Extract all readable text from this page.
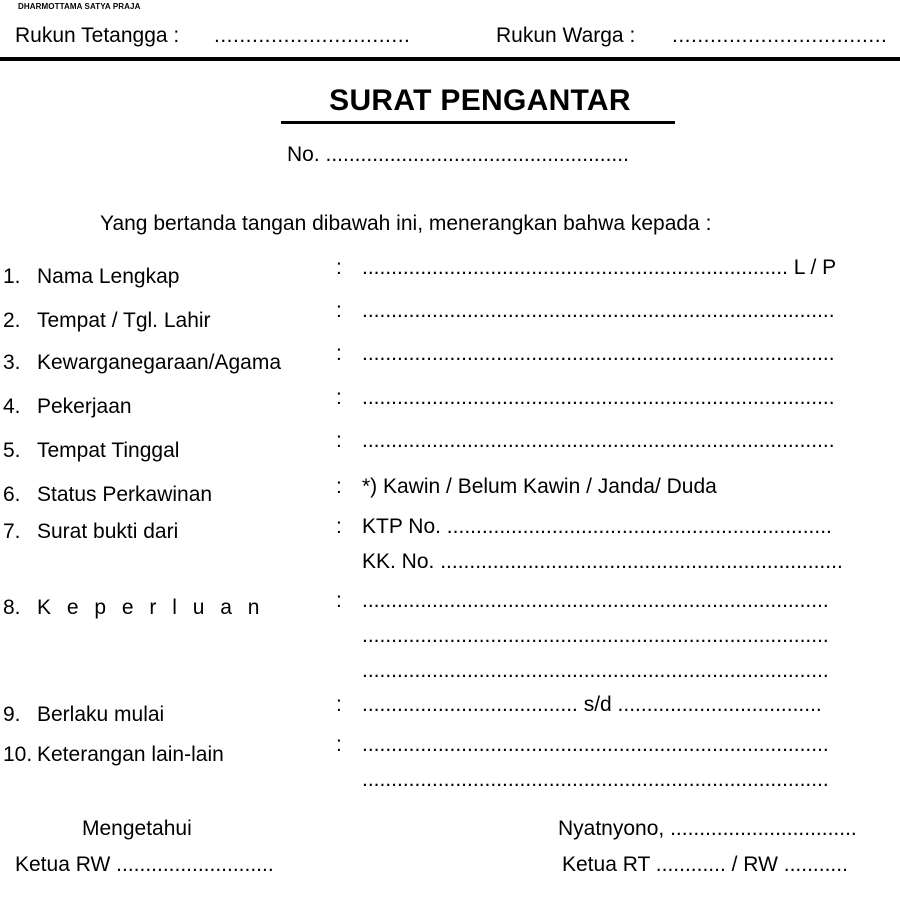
DHARMOTTAMA SATYA PRAJA
Rukun Tetangga : ...............................	Rukun Warga : ..................................
SURAT PENGANTAR
No. ....................................................
Yang bertanda tangan dibawah ini, menerangkan bahwa kepada :
1. Nama Lengkap	: ......................................................................... L / P
2. Tempat / Tgl. Lahir	: .................................................................................
3. Kewarganegaraan/Agama	: .................................................................................
4. Pekerjaan	: .................................................................................
5. Tempat Tinggal	: .................................................................................
6. Status Perkawinan	: *) Kawin / Belum Kawin / Janda/ Duda
7. Surat bukti dari	: KTP No. ..................................................................
KK. No. .....................................................................
8. K e p e r l u a n	: ................................................................................
................................................................................
................................................................................
9. Berlaku mulai	: ..................................... s/d ...................................
10. Keterangan lain-lain	: ................................................................................
................................................................................
Mengetahui
Ketua RW ...........................
Nyatnyono, ................................
Ketua RT ............ / RW ...........
